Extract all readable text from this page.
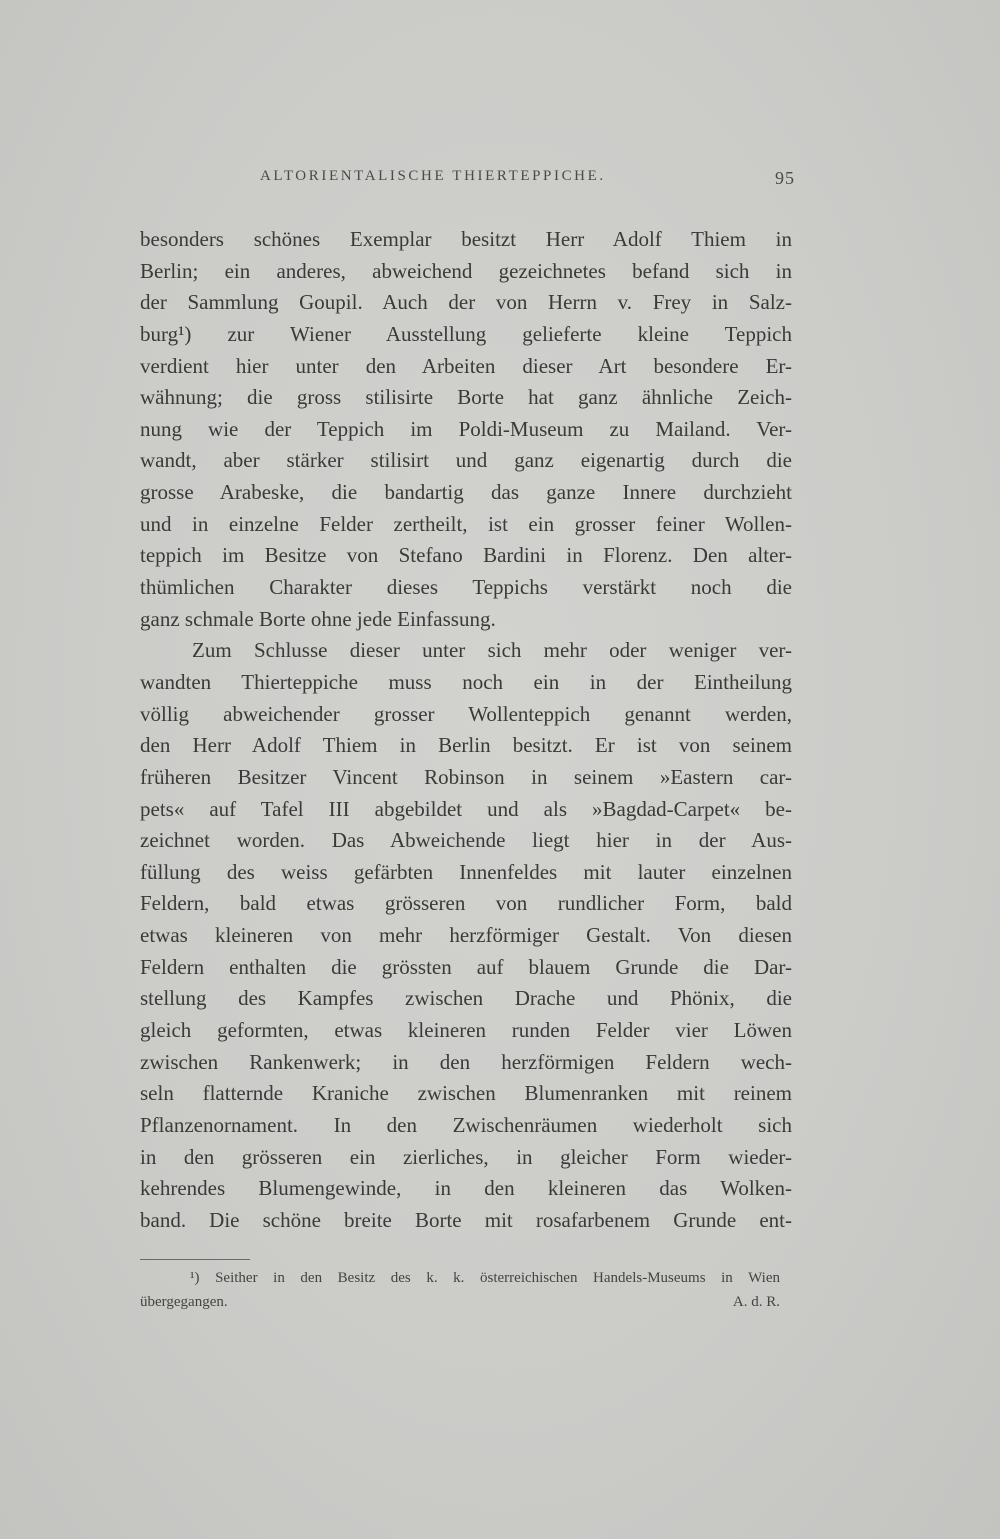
ALTORIENTALISCHE THIERTEPPICHE.	95
besonders schönes Exemplar besitzt Herr Adolf Thiem in
Berlin; ein anderes, abweichend gezeichnetes befand sich in
der Sammlung Goupil. Auch der von Herrn v. Frey in Salz-
burg¹) zur Wiener Ausstellung gelieferte kleine Teppich
verdient hier unter den Arbeiten dieser Art besondere Er-
wähnung; die gross stilisirte Borte hat ganz ähnliche Zeich-
nung wie der Teppich im Poldi-Museum zu Mailand. Ver-
wandt, aber stärker stilisirt und ganz eigenartig durch die
grosse Arabeske, die bandartig das ganze Innere durchzieht
und in einzelne Felder zertheilt, ist ein grosser feiner Wollen-
teppich im Besitze von Stefano Bardini in Florenz. Den alter-
thümlichen Charakter dieses Teppichs verstärkt noch die
ganz schmale Borte ohne jede Einfassung.
Zum Schlusse dieser unter sich mehr oder weniger ver-
wandten Thierteppiche muss noch ein in der Eintheilung
völlig abweichender grosser Wollenteppich genannt werden,
den Herr Adolf Thiem in Berlin besitzt. Er ist von seinem
früheren Besitzer Vincent Robinson in seinem »Eastern car-
pets« auf Tafel III abgebildet und als »Bagdad-Carpet« be-
zeichnet worden. Das Abweichende liegt hier in der Aus-
füllung des weiss gefärbten Innenfeldes mit lauter einzelnen
Feldern, bald etwas grösseren von rundlicher Form, bald
etwas kleineren von mehr herzförmiger Gestalt. Von diesen
Feldern enthalten die grössten auf blauem Grunde die Dar-
stellung des Kampfes zwischen Drache und Phönix, die
gleich geformten, etwas kleineren runden Felder vier Löwen
zwischen Rankenwerk; in den herzförmigen Feldern wech-
seln flatternde Kraniche zwischen Blumenranken mit reinem
Pflanzenornament. In den Zwischenräumen wiederholt sich
in den grösseren ein zierliches, in gleicher Form wieder-
kehrendes Blumengewinde, in den kleineren das Wolken-
band. Die schöne breite Borte mit rosafarbenem Grunde ent-
¹) Seither in den Besitz des k. k. österreichischen Handels-Museums in Wien
übergegangen.	A. d. R.
